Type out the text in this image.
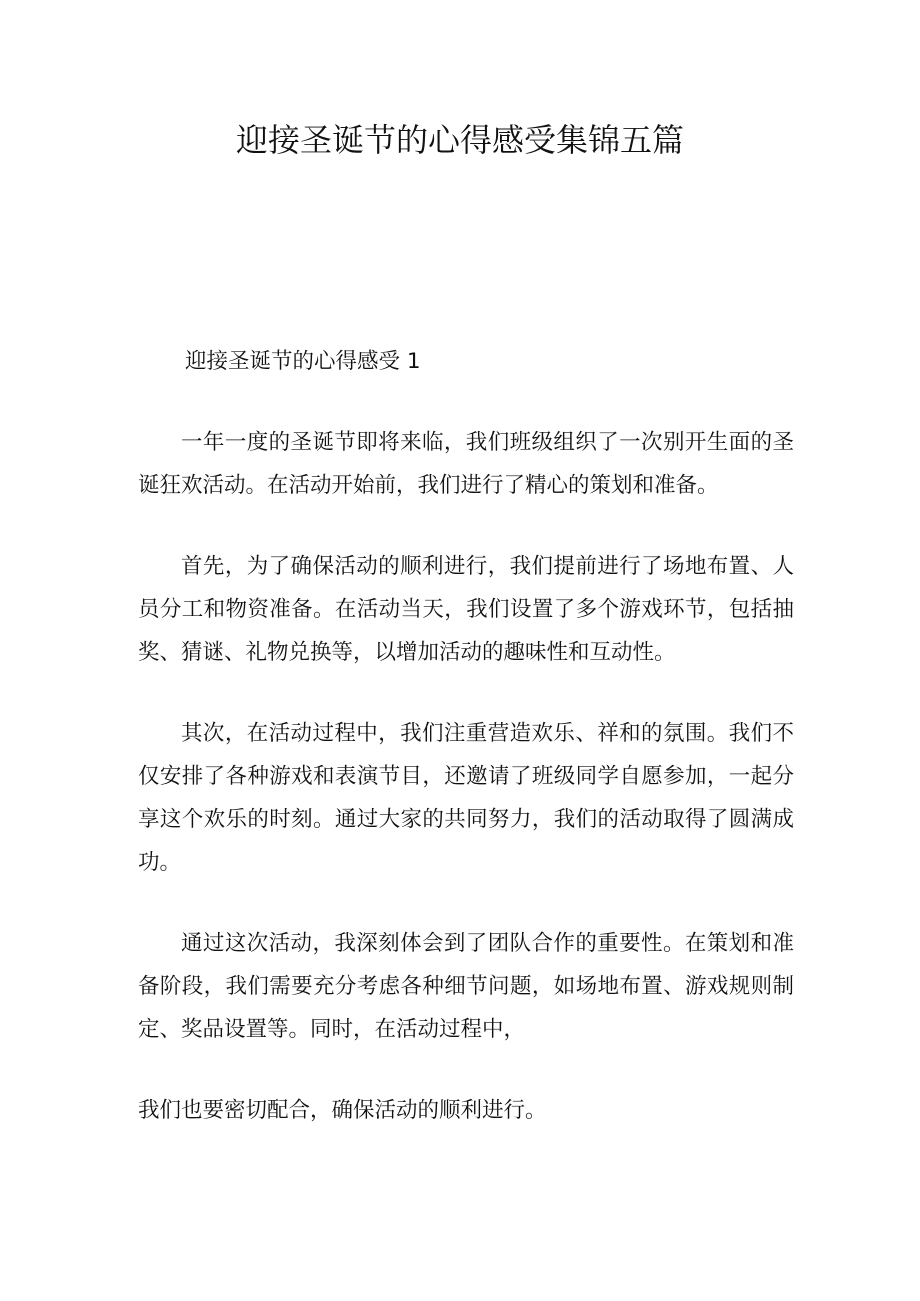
迎接圣诞节的心得感受集锦五篇

迎接圣诞节的心得感受 1

一年一度的圣诞节即将来临，我们班级组织了一次别开生面的圣诞狂欢活动。在活动开始前，我们进行了精心的策划和准备。

首先，为了确保活动的顺利进行，我们提前进行了场地布置、人员分工和物资准备。在活动当天，我们设置了多个游戏环节，包括抽奖、猜谜、礼物兑换等，以增加活动的趣味性和互动性。

其次，在活动过程中，我们注重营造欢乐、祥和的氛围。我们不仅安排了各种游戏和表演节目，还邀请了班级同学自愿参加，一起分享这个欢乐的时刻。通过大家的共同努力，我们的活动取得了圆满成功。

通过这次活动，我深刻体会到了团队合作的重要性。在策划和准备阶段，我们需要充分考虑各种细节问题，如场地布置、游戏规则制定、奖品设置等。同时，在活动过程中，

我们也要密切配合，确保活动的顺利进行。
